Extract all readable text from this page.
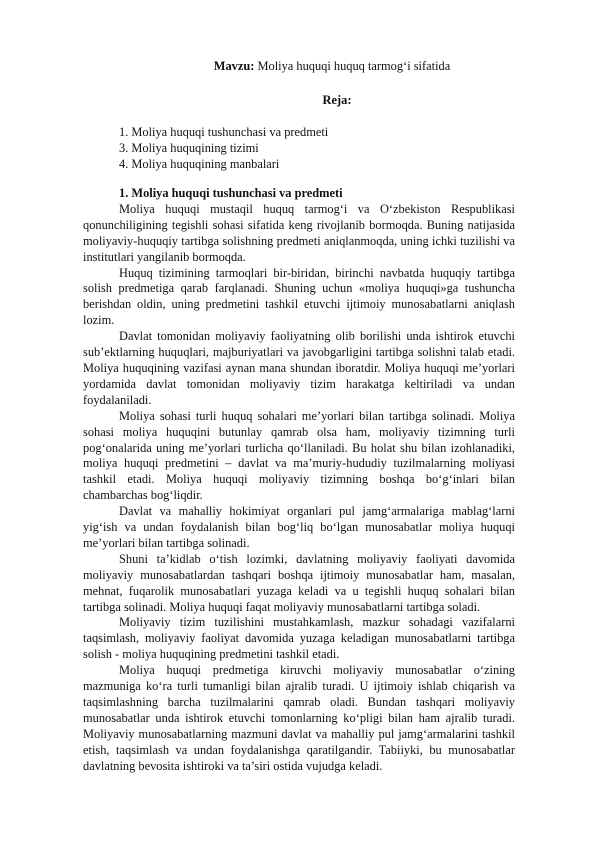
Mavzu: Moliya huquqi huquq tarmog‘i sifatida
Reja:
1. Moliya huquqi tushunchasi va predmeti
3. Moliya huquqining tizimi
4. Moliya huquqining manbalari

1. Moliya huquqi tushunchasi va predmeti

Moliya huquqi mustaqil huquq tarmog‘i va O‘zbekiston Respublikasi qonunchiligining tegishli sohasi sifatida keng rivojlanib bormoqda. Buning natijasida moliyaviy-huquqiy tartibga solishning predmeti aniqlanmoqda, uning ichki tuzilishi va institutlari yangilanib bormoqda.

Huquq tizimining tarmoqlari bir-biridan, birinchi navbatda huquqiy tartibga solish predmetiga qarab farqlanadi. Shuning uchun «moliya huquqi»ga tushuncha berishdan oldin, uning predmetini tashkil etuvchi ijtimoiy munosabatlarni aniqlash lozim.

Davlat tomonidan moliyaviy faoliyatning olib borilishi unda ishtirok etuvchi sub’ektlarning huquqlari, majburiyatlari va javobgarligini tartibga solishni talab etadi. Moliya huquqining vazifasi aynan mana shundan iboratdir. Moliya huquqi me’yorlari yordamida davlat tomonidan moliyaviy tizim harakatga keltiriladi va undan foydalaniladi.

Moliya sohasi turli huquq sohalari me’yorlari bilan tartibga solinadi. Moliya sohasi moliya huquqini butunlay qamrab olsa ham, moliyaviy tizimning turli pog‘onalarida uning me’yorlari turlicha qo‘llaniladi. Bu holat shu bilan izohlanadiki, moliya huquqi predmetini – davlat va ma’muriy-hududiy tuzilmalarning moliyasi tashkil etadi. Moliya huquqi moliyaviy tizimning boshqa bo‘g‘inlari bilan chambarchas bog‘liqdir.

Davlat va mahalliy hokimiyat organlari pul jamg‘armalariga mablag‘larni yig‘ish va undan foydalanish bilan bog‘liq bo‘lgan munosabatlar moliya huquqi me’yorlari bilan tartibga solinadi.

Shuni ta’kidlab o‘tish lozimki, davlatning moliyaviy faoliyati davomida moliyaviy munosabatlardan tashqari boshqa ijtimoiy munosabatlar ham, masalan, mehnat, fuqarolik munosabatlari yuzaga keladi va u tegishli huquq sohalari bilan tartibga solinadi. Moliya huquqi faqat moliyaviy munosabatlarni tartibga soladi.

Moliyaviy tizim tuzilishini mustahkamlash, mazkur sohadagi vazifalarni taqsimlash, moliyaviy faoliyat davomida yuzaga keladigan munosabatlarni tartibga solish - moliya huquqining predmetini tashkil etadi.

Moliya huquqi predmetiga kiruvchi moliyaviy munosabatlar o‘zining mazmuniga ko‘ra turli tumanligi bilan ajralib turadi. U ijtimoiy ishlab chiqarish va taqsimlashning barcha tuzilmalarini qamrab oladi. Bundan tashqari moliyaviy munosabatlar unda ishtirok etuvchi tomonlarning ko‘pligi bilan ham ajralib turadi. Moliyaviy munosabatlarning mazmuni davlat va mahalliy pul jamg‘armalarini tashkil etish, taqsimlash va undan foydalanishga qaratilgandir. Tabiiyki, bu munosabatlar davlatning bevosita ishtiroki va ta’siri ostida vujudga keladi.
